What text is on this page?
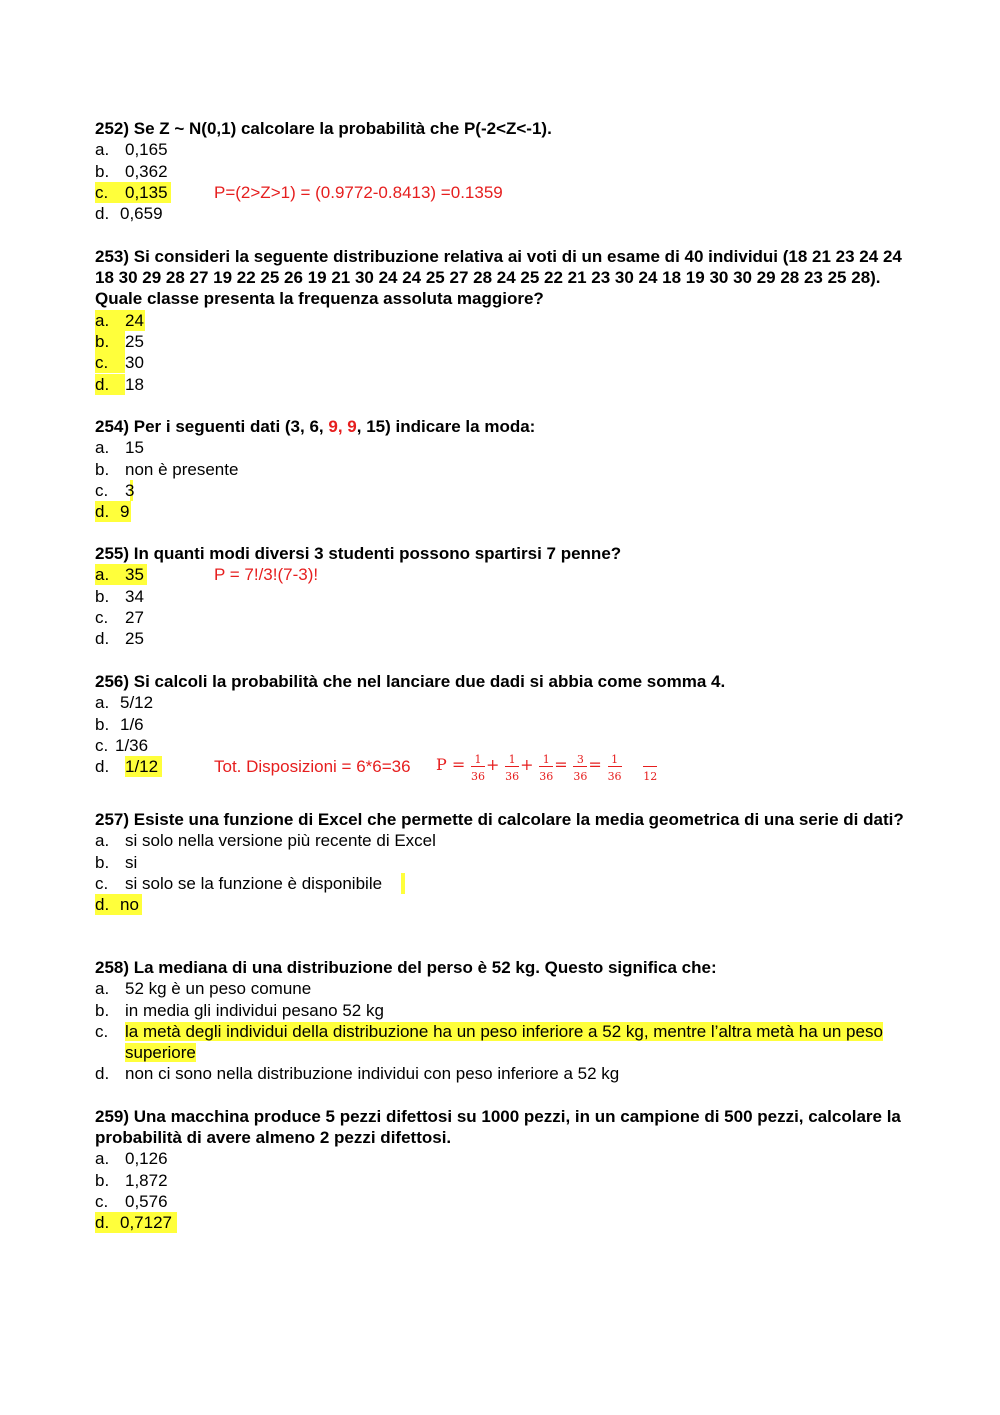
252) Se Z ~ N(0,1) calcolare la probabilità che P(-2<Z<-1).

a. 0,165
b. 0,362
c. 0,135	P=(2>Z>1) = (0.9772-0.8413) =0.1359
d. 0,659

253) Si consideri la seguente distribuzione relativa ai voti di un esame di 40 individui (18 21 23 24 24 18 30 29 28 27 19 22 25 26 19 21 30 24 24 25 27 28 24 25 22 21 23 30 24 18 19 30 30 29 28 23 25 28). Quale classe presenta la frequenza assoluta maggiore?

a. 24
b. 25
c. 30
d. 18

254) Per i seguenti dati (3, 6, 9, 9, 15) indicare la moda:

a. 15
b. non è presente
c. 3
d. 9

255) In quanti modi diversi 3 studenti possono spartirsi 7 penne?

a. 35	P = 7!/3!(7-3)!
b. 34
c. 27
d. 25

256) Si calcoli la probabilità che nel lanciare due dadi si abbia come somma 4.

a. 5/12
b. 1/6
c. 1/36
d. 1/12	Tot. Disposizioni = 6*6=36 $P = \frac{1}{36} + \frac{1}{36} + \frac{1}{36} = \frac{3}{36} = \frac{1}{36}$
12

257) Esiste una funzione di Excel che permette di calcolare la media geometrica di una serie di dati?

a. si solo nella versione più recente di Excel
b. si
c. si solo se la funzione è disponibile
d. no

258) La mediana di una distribuzione del perso è 52 kg. Questo significa che:

a. 52 kg è un peso comune
b. in media gli individui pesano 52 kg
c. la metà degli individui della distribuzione ha un peso inferiore a 52 kg, mentre l’altra metà ha un peso superiore
d. non ci sono nella distribuzione individui con peso inferiore a 52 kg

259) Una macchina produce 5 pezzi difettosi su 1000 pezzi, in un campione di 500 pezzi, calcolare la probabilità di avere almeno 2 pezzi difettosi.

a. 0,126
b. 1,872
c. 0,576
d. 0,7127
